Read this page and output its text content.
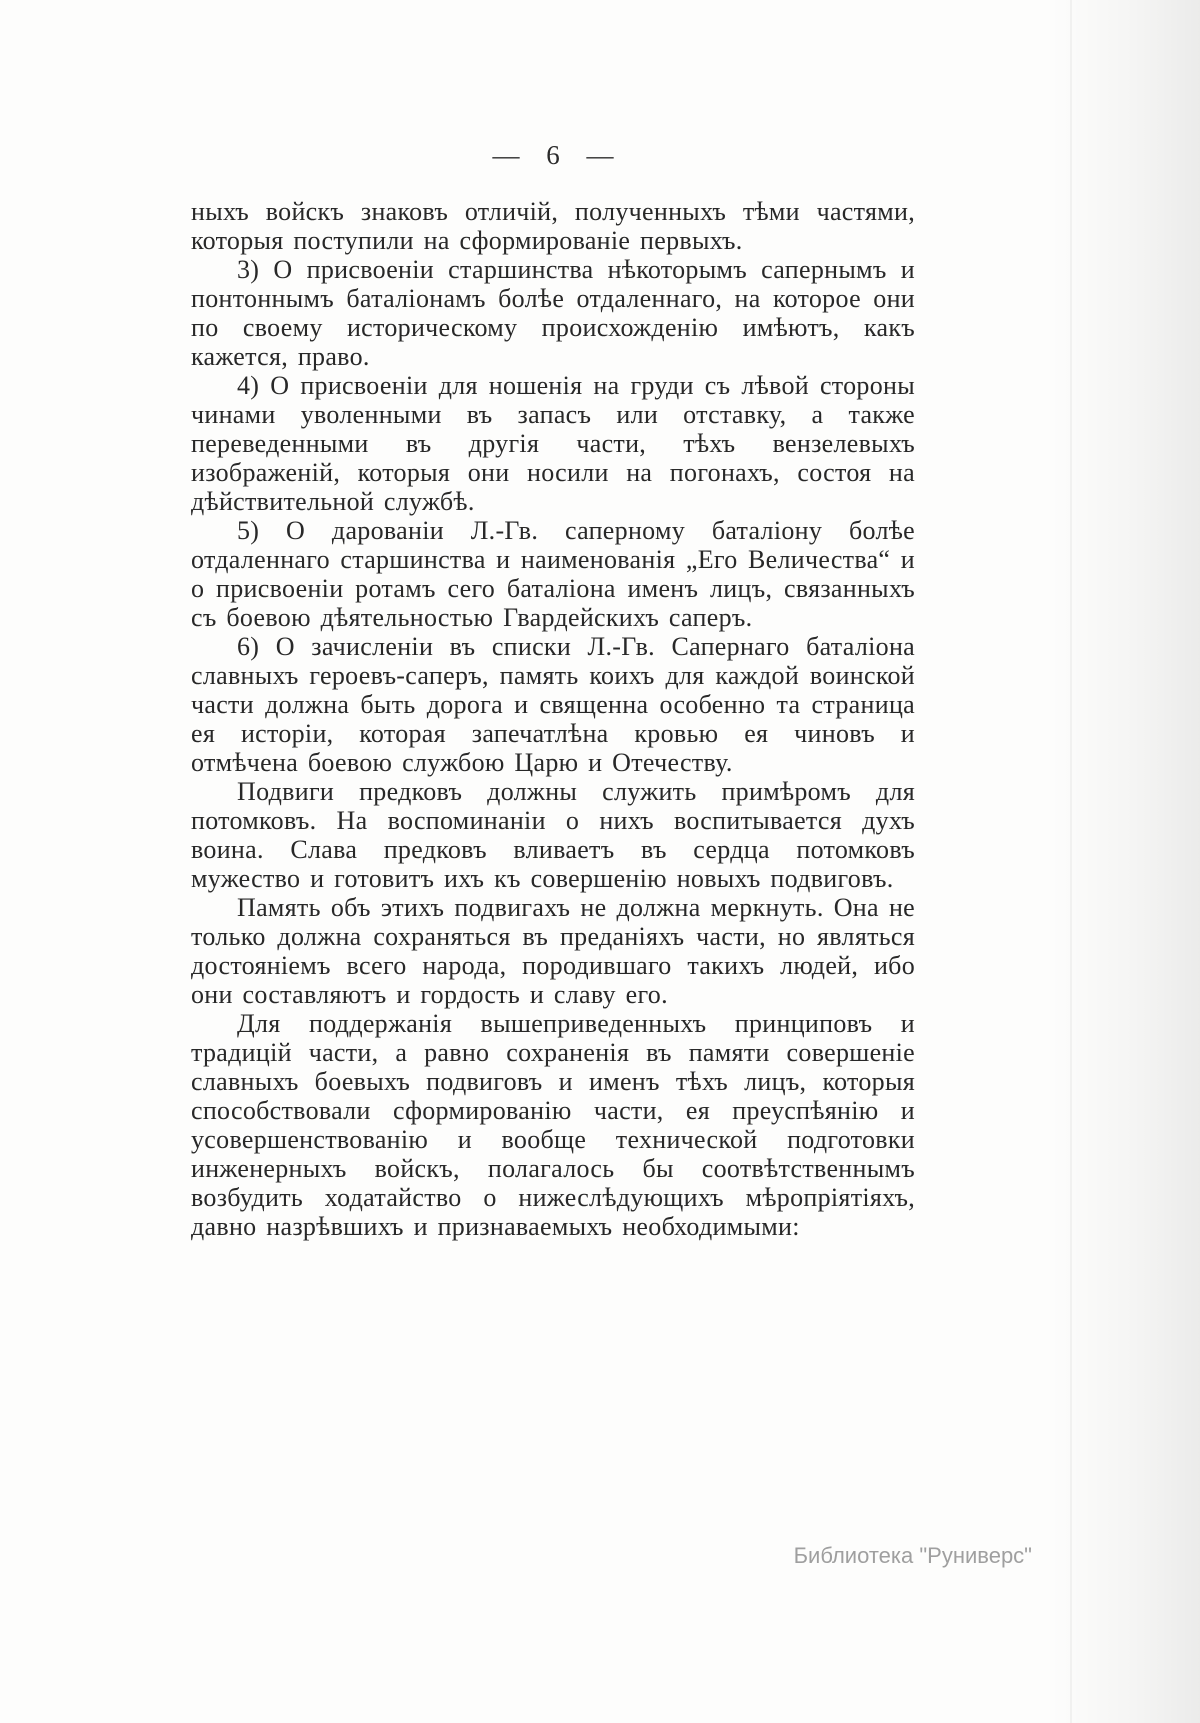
— 6 —

ныхъ войскъ знаковъ отличій, полученныхъ тѣми частями, которыя поступили на сформированіе первыхъ.

3) О присвоеніи старшинства нѣкоторымъ сапернымъ и понтоннымъ баталіонамъ болѣе отдаленнаго, на которое они по своему историческому происхожденію имѣютъ, какъ кажется, право.

4) О присвоеніи для ношенія на груди съ лѣвой стороны чинами уволенными въ запасъ или отставку, а также переведенными въ другія части, тѣхъ вензелевыхъ изображеній, которыя они носили на погонахъ, состоя на дѣйствительной службѣ.

5) О дарованіи Л.-Гв. саперному баталіону болѣе отдаленнаго старшинства и наименованія „Его Величества“ и о присвоеніи ротамъ сего баталіона именъ лицъ, связанныхъ съ боевою дѣятельностью Гвардейскихъ саперъ.

6) О зачисленіи въ списки Л.-Гв. Сапернаго баталіона славныхъ героевъ-саперъ, память коихъ для каждой воинской части должна быть дорога и священна особенно та страница ея исторіи, которая запечатлѣна кровью ея чиновъ и отмѣчена боевою службою Царю и Отечеству.

Подвиги предковъ должны служить примѣромъ для потомковъ. На воспоминаніи о нихъ воспитывается духъ воина. Слава предковъ вливаетъ въ сердца потомковъ мужество и готовитъ ихъ къ совершенію новыхъ подвиговъ.

Память объ этихъ подвигахъ не должна меркнуть. Она не только должна сохраняться въ преданіяхъ части, но являться достояніемъ всего народа, породившаго такихъ людей, ибо они составляютъ и гордость и славу его.

Для поддержанія вышеприведенныхъ принциповъ и традицій части, а равно сохраненія въ памяти совершеніе славныхъ боевыхъ подвиговъ и именъ тѣхъ лицъ, которыя способствовали сформированію части, ея преуспѣянію и усовершенствованію и вообще технической подготовки инженерныхъ войскъ, полагалось бы соотвѣтственнымъ возбудить ходатайство о нижеслѣдующихъ мѣропріятіяхъ, давно назрѣвшихъ и признаваемыхъ необходимыми:

Библиотека "Руниверс"
